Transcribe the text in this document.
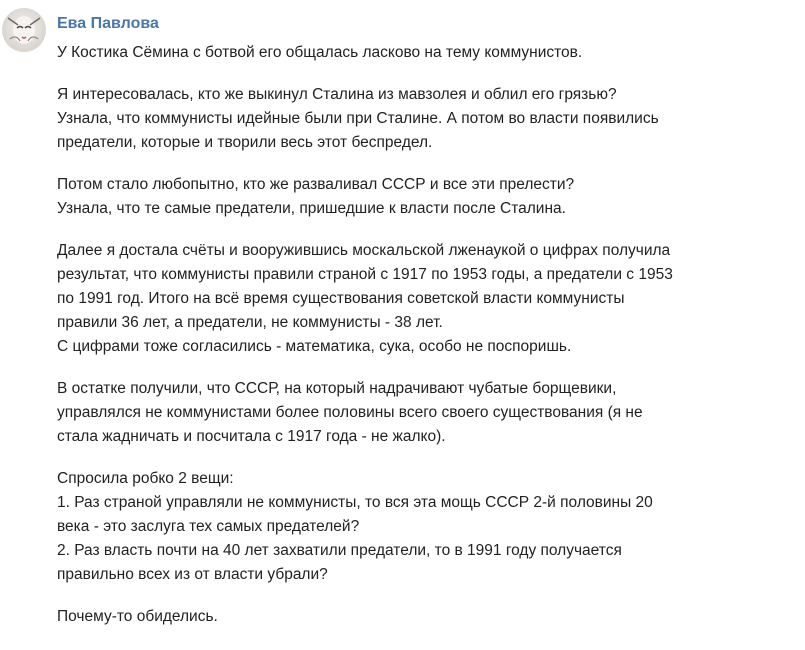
Ева Павлова
У Костика Сёмина с ботвой его общалась ласково на тему коммунистов.
Я интересовалась, кто же выкинул Сталина из мавзолея и облил его грязью?
Узнала, что коммунисты идейные были при Сталине. А потом во власти появились
предатели, которые и творили весь этот беспредел.
Потом стало любопытно, кто же разваливал СССР и все эти прелести?
Узнала, что те самые предатели, пришедшие к власти после Сталина.
Далее я достала счёты и вооружившись москальской лженаукой о цифрах получила
результат, что коммунисты правили страной с 1917 по 1953 годы, а предатели с 1953
по 1991 год. Итого на всё время существования советской власти коммунисты
правили 36 лет, а предатели, не коммунисты - 38 лет.
С цифрами тоже согласились - математика, сука, особо не поспоришь.
В остатке получили, что СССР, на который надрачивают чубатые борщевики,
управлялся не коммунистами более половины всего своего существования (я не
стала жадничать и посчитала с 1917 года - не жалко).
Спросила робко 2 вещи:
1. Раз страной управляли не коммунисты, то вся эта мощь СССР 2-й половины 20
века - это заслуга тех самых предателей?
2. Раз власть почти на 40 лет захватили предатели, то в 1991 году получается
правильно всех из от власти убрали?
Почему-то обиделись.
